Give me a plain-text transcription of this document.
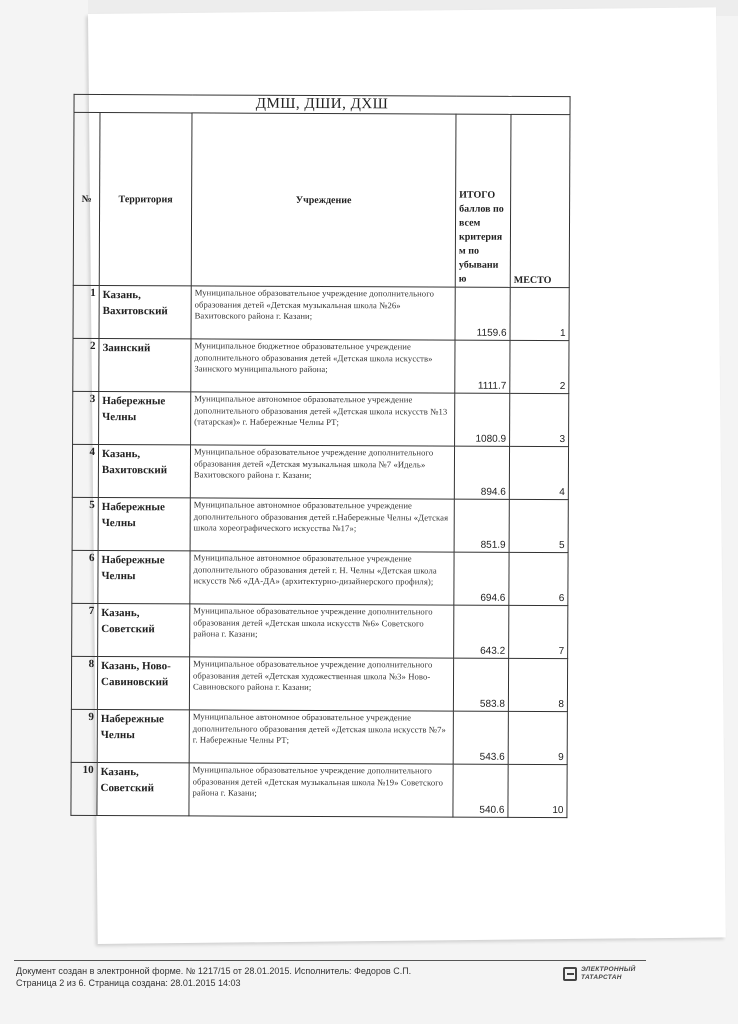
ДМШ, ДШИ, ДХШ				
№	Территория	Учреждение	ИТОГО баллов по всем критерия м по убывани ю	МЕСТО
1	Казань, Вахитовский	Муниципальное образовательное учреждение дополнительного образования детей «Детская музыкальная школа №26» Вахитовского района г. Казани;	1159.6	1
2	Заинский	Муниципальное бюджетное образовательное учреждение дополнительного образования детей «Детская школа искусств» Заинского муниципального района;	1111.7	2
3	Набережные Челны	Муниципальное автономное образовательное учреждение дополнительного образования детей «Детская школа искусств №13 (татарская)» г. Набережные Челны РТ;	1080.9	3
4	Казань, Вахитовский	Муниципальное образовательное учреждение дополнительного образования детей «Детская музыкальная школа №7 «Идель» Вахитовского района г. Казани;	894.6	4
5	Набережные Челны	Муниципальное автономное образовательное учреждение дополнительного образования детей г.Набережные Челны «Детская школа хореографического искусства №17»;	851.9	5
6	Набережные Челны	Муниципальное автономное образовательное учреждение дополнительного образования детей г. Н. Челны «Детская школа искусств №6 «ДА-ДА» (архитектурно-дизайнерского профиля);	694.6	6
7	Казань, Советский	Муниципальное образовательное учреждение дополнительного образования детей «Детская школа искусств №6» Советского района г. Казани;	643.2	7
8	Казань, Ново-Савиновский	Муниципальное образовательное учреждение дополнительного образования детей «Детская художественная школа №3» Ново-Савиновского района г. Казани;	583.8	8
9	Набережные Челны	Муниципальное автономное образовательное учреждение дополнительного образования детей «Детская школа искусств №7» г. Набережные Челны РТ;	543.6	9
10	Казань, Советский	Муниципальное образовательное учреждение дополнительного образования детей «Детская музыкальная школа №19» Советского района г. Казани;	540.6	10
Документ создан в электронной форме. № 1217/15 от 28.01.2015. Исполнитель: Федоров С.П.
Страница 2 из 6. Страница создана: 28.01.2015 14:03
ЭЛЕКТРОННЫЙ
ТАТАРСТАН
